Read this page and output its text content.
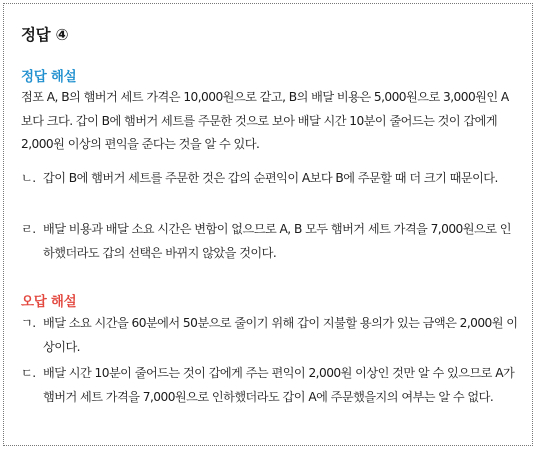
정답 ④
정답 해설
점포 A, B의 햄버거 세트 가격은 10,000원으로 같고, B의 배달 비용은 5,000원으로 3,000원인 A보다 크다. 갑이 B에 햄버거 세트를 주문한 것으로 보아 배달 시간 10분이 줄어드는 것이 갑에게 2,000원 이상의 편익을 준다는 것을 알 수 있다.
ㄴ. 갑이 B에 햄버거 세트를 주문한 것은 갑의 순편익이 A보다 B에 주문할 때 더 크기 때문이다.
ㄹ. 배달 비용과 배달 소요 시간은 변함이 없으므로 A, B 모두 햄버거 세트 가격을 7,000원으로 인하했더라도 갑의 선택은 바뀌지 않았을 것이다.
오답 해설
ㄱ. 배달 소요 시간을 60분에서 50분으로 줄이기 위해 갑이 지불할 용의가 있는 금액은 2,000원 이상이다.
ㄷ. 배달 시간 10분이 줄어드는 것이 갑에게 주는 편익이 2,000원 이상인 것만 알 수 있으므로 A가 햄버거 세트 가격을 7,000원으로 인하했더라도 갑이 A에 주문했을지의 여부는 알 수 없다.
